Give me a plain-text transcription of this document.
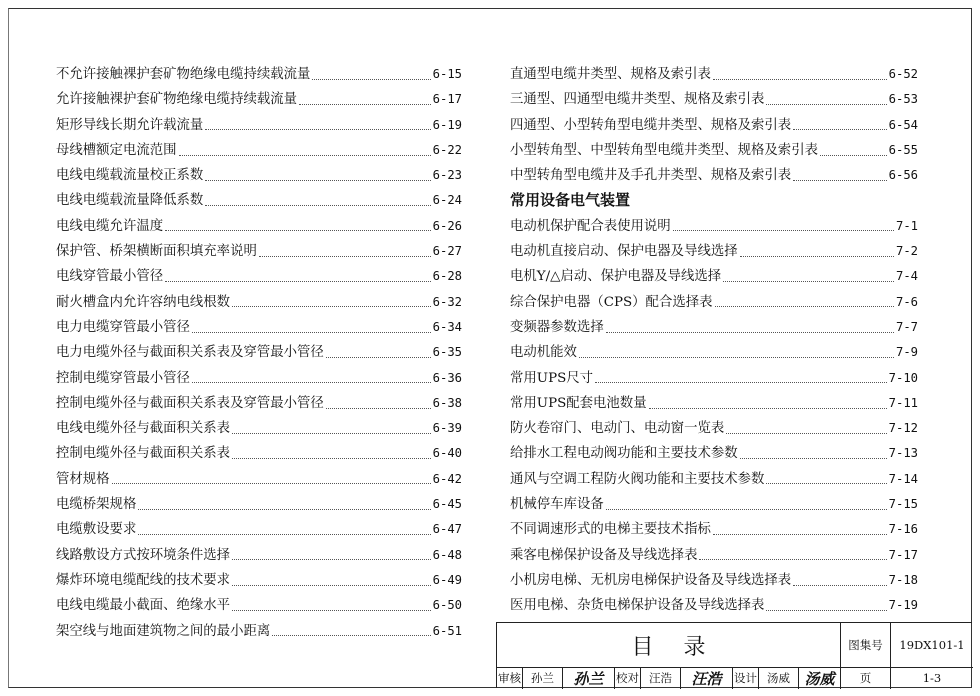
不允许接触裸护套矿物绝缘电缆持续载流量	6-15
允许接触裸护套矿物绝缘电缆持续载流量	6-17
矩形导线长期允许载流量	6-19
母线槽额定电流范围	6-22
电线电缆载流量校正系数	6-23
电线电缆载流量降低系数	6-24
电线电缆允许温度	6-26
保护管、桥架横断面积填充率说明	6-27
电线穿管最小管径	6-28
耐火槽盒内允许容纳电线根数	6-32
电力电缆穿管最小管径	6-34
电力电缆外径与截面积关系表及穿管最小管径	6-35
控制电缆穿管最小管径	6-36
控制电缆外径与截面积关系表及穿管最小管径	6-38
电线电缆外径与截面积关系表	6-39
控制电缆外径与截面积关系表	6-40
管材规格	6-42
电缆桥架规格	6-45
电缆敷设要求	6-47
线路敷设方式按环境条件选择	6-48
爆炸环境电缆配线的技术要求	6-49
电线电缆最小截面、绝缘水平	6-50
架空线与地面建筑物之间的最小距离	6-51
直通型电缆井类型、规格及索引表	6-52
三通型、四通型电缆井类型、规格及索引表	6-53
四通型、小型转角型电缆井类型、规格及索引表	6-54
小型转角型、中型转角型电缆井类型、规格及索引表	6-55
中型转角型电缆井及手孔井类型、规格及索引表	6-56
常用设备电气装置
电动机保护配合表使用说明	7-1
电动机直接启动、保护电器及导线选择	7-2
电机Y/△启动、保护电器及导线选择	7-4
综合保护电器（CPS）配合选择表	7-6
变频器参数选择	7-7
电动机能效	7-9
常用UPS尺寸	7-10
常用UPS配套电池数量	7-11
防火卷帘门、电动门、电动窗一览表	7-12
给排水工程电动阀功能和主要技术参数	7-13
通风与空调工程防火阀功能和主要技术参数	7-14
机械停车库设备	7-15
不同调速形式的电梯主要技术指标	7-16
乘客电梯保护设备及导线选择表	7-17
小机房电梯、无机房电梯保护设备及导线选择表	7-18
医用电梯、杂货电梯保护设备及导线选择表	7-19
目录	图集号	19DX101-1
审核 孙兰	孙兰	校对 汪浩	汪浩	设计 汤威 汤威	页	1-3
